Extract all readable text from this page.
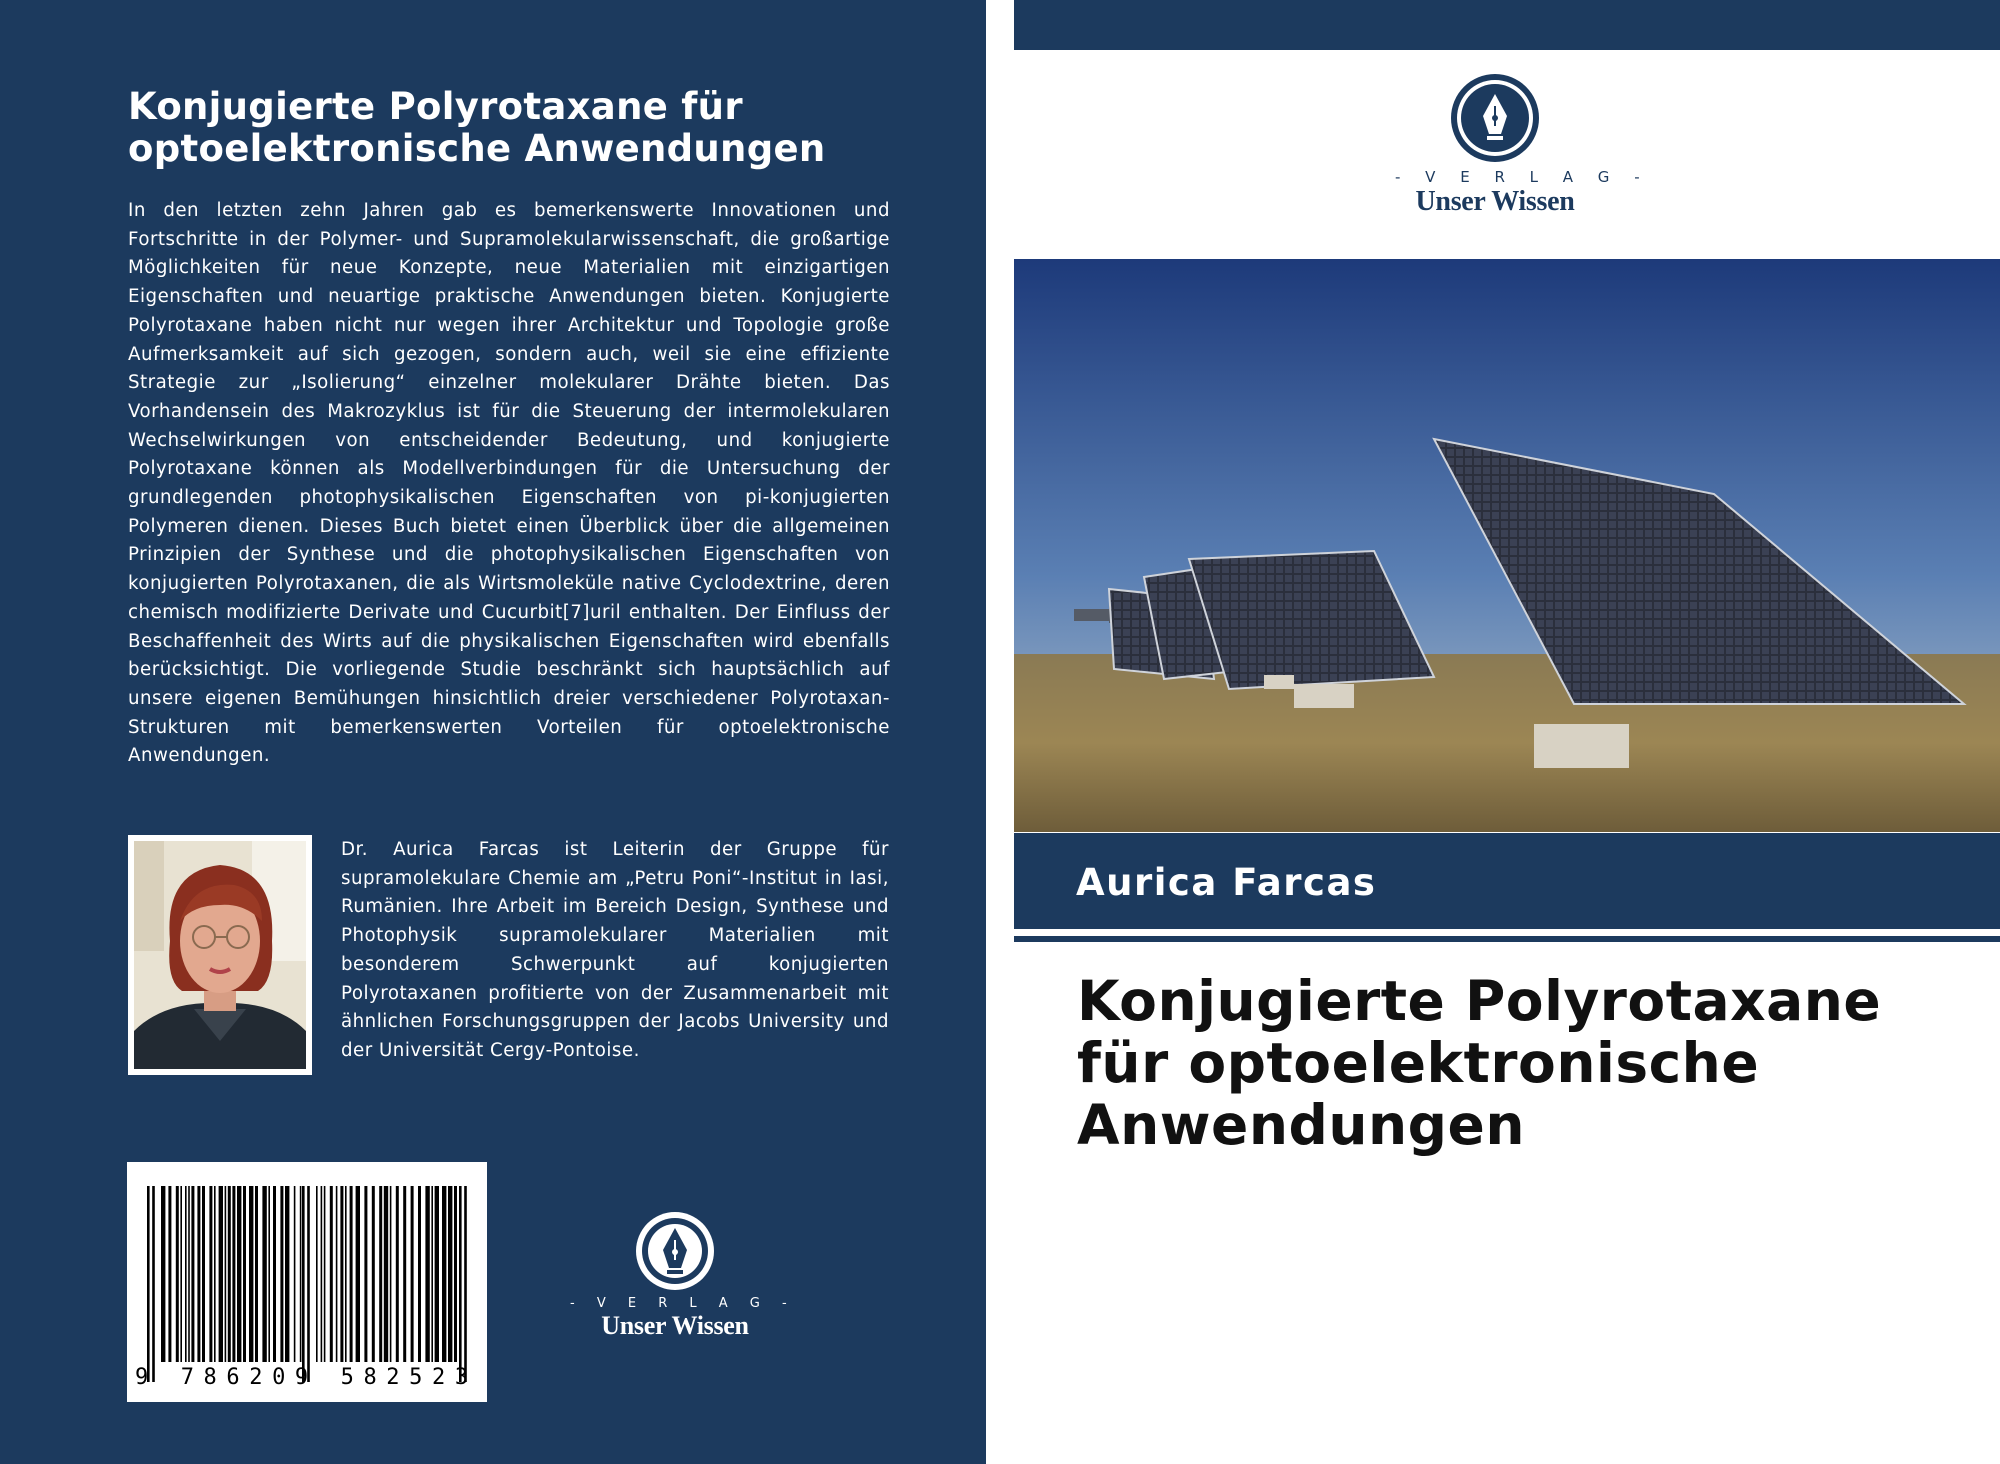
Konjugierte Polyrotaxane für optoelektronische Anwendungen
In den letzten zehn Jahren gab es bemerkenswerte Innovationen und Fortschritte in der Polymer- und Supramolekularwissenschaft, die großartige Möglichkeiten für neue Konzepte, neue Materialien mit einzigartigen Eigenschaften und neuartige praktische Anwendungen bieten. Konjugierte Polyrotaxane haben nicht nur wegen ihrer Architektur und Topologie große Aufmerksamkeit auf sich gezogen, sondern auch, weil sie eine effiziente Strategie zur „Isolierung“ einzelner molekularer Drähte bieten. Das Vorhandensein des Makrozyklus ist für die Steuerung der intermolekularen Wechselwirkungen von entscheidender Bedeutung, und konjugierte Polyrotaxane können als Modellverbindungen für die Untersuchung der grundlegenden photophysikalischen Eigenschaften von pi-konjugierten Polymeren dienen. Dieses Buch bietet einen Überblick über die allgemeinen Prinzipien der Synthese und die photophysikalischen Eigenschaften von konjugierten Polyrotaxanen, die als Wirtsmoleküle native Cyclodextrine, deren chemisch modifizierte Derivate und Cucurbit[7]uril enthalten. Der Einfluss der Beschaffenheit des Wirts auf die physikalischen Eigenschaften wird ebenfalls berücksichtigt. Die vorliegende Studie beschränkt sich hauptsächlich auf unsere eigenen Bemühungen hinsichtlich dreier verschiedener Polyrotaxan-Strukturen mit bemerkenswerten Vorteilen für optoelektronische Anwendungen.
Dr. Aurica Farcas ist Leiterin der Gruppe für supramolekulare Chemie am „Petru Poni“-Institut in Iasi, Rumänien. Ihre Arbeit im Bereich Design, Synthese und Photophysik supramolekularer Materialien mit besonderem Schwerpunkt auf konjugierten Polyrotaxanen profitierte von der Zusammenarbeit mit ähnlichen Forschungsgruppen der Jacobs University und der Universität Cergy-Pontoise.
9 786209 582523
- V E R L A G -
Unser Wissen
- V E R L A G -
Unser Wissen
Aurica Farcas
Konjugierte Polyrotaxane für optoelektronische Anwendungen
